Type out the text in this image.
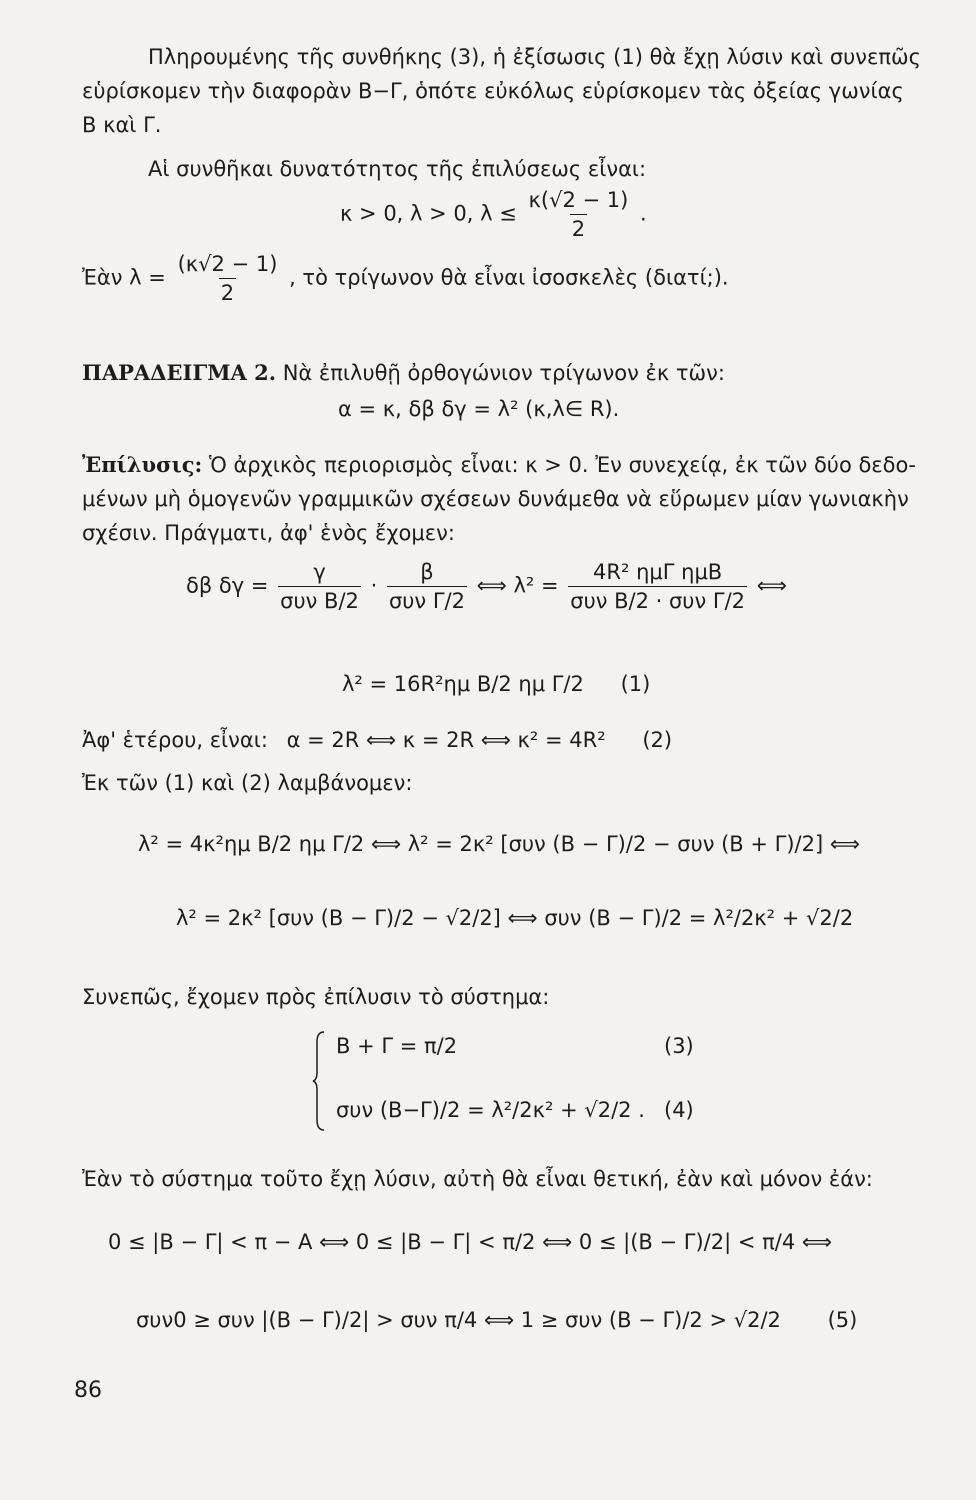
Πληρουμένης τῆς συνθήκης (3), ἡ ἐξίσωσις (1) θὰ ἔχῃ λύσιν καὶ συνεπῶς
εὑρίσκομεν τὴν διαφορὰν Β−Γ, ὁπότε εὐκόλως εὑρίσκομεν τὰς ὀξείας γωνίας
Β καὶ Γ.
Αἱ συνθῆκαι δυνατότητος τῆς ἐπιλύσεως εἶναι:
κ > 0, λ > 0, $\lambda \le \frac{\kappa(√2 - 1)}{2}$ .
Ἐὰν $\lambda = \frac{(\kappa√2 - 1)}{2}$ , τὸ τρίγωνον θὰ εἶναι ἰσοσκελὲς (διατί;).
ΠΑΡΑΔΕΙΓΜΑ 2. Νὰ ἐπιλυθῇ ὀρθογώνιον τρίγωνον ἐκ τῶν:
α = κ, δβ δγ = λ² (κ,λ∈ R).
Ἐπίλυσις: Ὁ ἀρχικὸς περιορισμὸς εἶναι: κ > 0. Ἐν συνεχείᾳ, ἐκ τῶν δύο δεδο-
μένων μὴ ὁμογενῶν γραμμικῶν σχέσεων δυνάμεθα νὰ εὕρωμεν μίαν γωνιακὴν
σχέσιν. Πράγματι, ἀφ' ἑνὸς ἔχομεν:
δβ $\delta\gamma = \frac{\gamma}{\text{συν Β/2}} \cdot \frac{\beta}{\text{συν Γ/2}}$ ⟺ $\lambda^2 = \frac{\text{4R² ημΓ ημΒ}}{\text{συν Β/2 · συν Γ/2}}$ ⟺
λ² = 16R²ημ Β/2 ημ Γ/2 (1)
Ἀφ' ἑτέρου, εἶναι: α = 2R ⟺ κ = 2R ⟺ κ² = 4R² (2)
Ἐκ τῶν (1) καὶ (2) λαμβάνομεν:
λ² = 4κ²ημ Β/2 ημ Γ/2 ⟺ λ² = 2κ² [συν (Β − Γ)/2 − συν (Β + Γ)/2] ⟺
λ² = 2κ² [συν (Β − Γ)/2 − √2/2] ⟺ συν (Β − Γ)/2 = λ²/2κ² + √2/2
Συνεπῶς, ἔχομεν πρὸς ἐπίλυσιν τὸ σύστημα:
Β + Γ = π/2	(3)
συν (Β−Γ)/2 = λ²/2κ² + √2/2 . (4)
Ἐὰν τὸ σύστημα τοῦτο ἔχῃ λύσιν, αὐτὴ θὰ εἶναι θετική, ἐὰν καὶ μόνον ἐάν:
0 ≤ |Β − Γ| < π − Α ⟺ 0 ≤ |Β − Γ| < π/2 ⟺ 0 ≤ |(Β − Γ)/2| < π/4 ⟺
συν0 ≥ συν |(Β − Γ)/2| > συν π/4 ⟺ 1 ≥ συν (Β − Γ)/2 > √2/2 (5)
86
